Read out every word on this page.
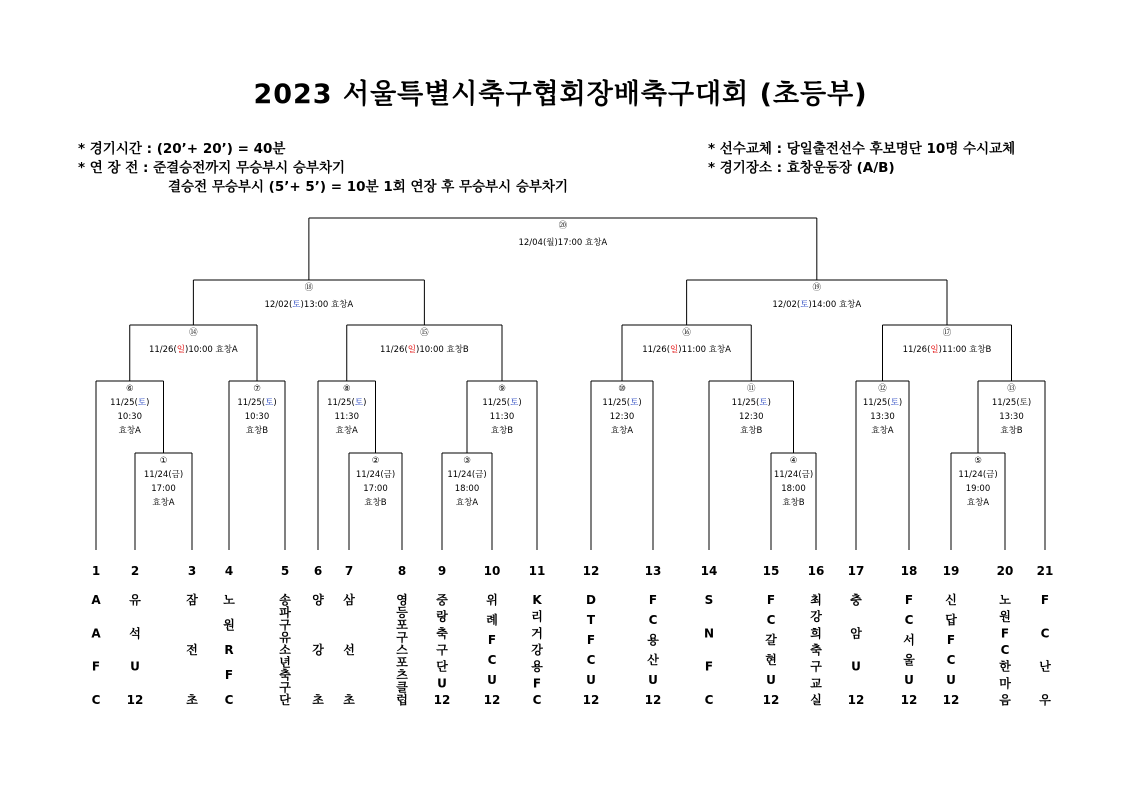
2023 서울특별시축구협회장배축구대회 (초등부)
* 경기시간 : (20’+ 20’) = 40분
* 연 장 전 : 준결승전까지 무승부시 승부차기
결승전 무승부시 (5’+ 5’) = 10분 1회 연장 후 무승부시 승부차기
* 선수교체 : 당일출전선수 후보명단 10명 수시교체
* 경기장소 : 효창운동장 (A/B)
①
11/24(금)
17:00
효창A
②
11/24(금)
17:00
효창B
③
11/24(금)
18:00
효창A
④
11/24(금)
18:00
효창B
⑤
11/24(금)
19:00
효창A
⑥
11/25(토)
10:30
효창A
⑦
11/25(토)
10:30
효창B
⑧
11/25(토)
11:30
효창A
⑨
11/25(토)
11:30
효창B
⑩
11/25(토)
12:30
효창A
⑪
11/25(토)
12:30
효창B
⑫
11/25(토)
13:30
효창A
⑬
11/25(토)
13:30
효창B
⑭
11/26(일)10:00 효창A
⑮
11/26(일)10:00 효창B
⑯
11/26(일)11:00 효창A
⑰
11/26(일)11:00 효창B
⑱
12/02(토)13:00 효창A
⑲
12/02(토)14:00 효창A
⑳
12/04(월)17:00 효창A
1
A A F C
2
유 석 U 12
3
잠 전 초
4
노 원 R F C
5
송 파 구 유 소 년 축 구 단
6
양 강 초
7
삼 선 초
8
영 등 포 구 스 포 츠 클 럽
9
중 랑 축 구 단 U 12
10
위 례 F C U 12
11
K 리 거 강 용 F C
12
D T F C U 12
13
F C 용 산 U 12
14
S N F C
15
F C 갈 현 U 12
16
최 강 희 축 구 교 실
17
충 암 U 12
18
F C 서 울 U 12
19
신 답 F C U 12
20
노 원 F C 한 마 음
21
F C 난 우
